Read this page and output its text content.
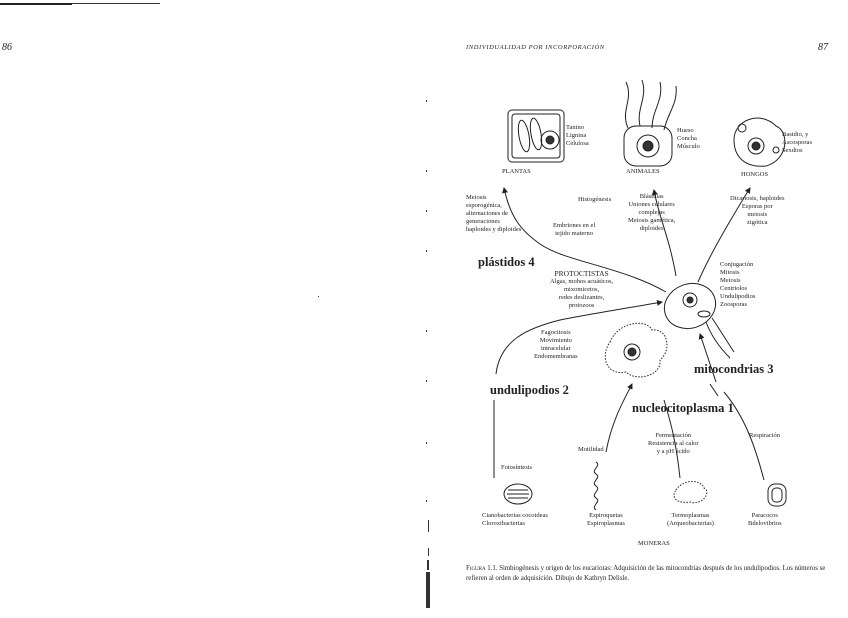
86	INDIVIDUALIDAD POR INCORPORACIÓN	87
PLANTAS	ANIMALES	HONGOS
MONERAS
Tanino
Lignina
Celulosa
Hueso
Concha
Músculo
Basidio, y
Ascosporas
Sexdios
Meiosis
esporogénica,
alternaciones de
generaciones
haploides y diploides
Histogénesis	Blástulas
Uniones celulares
complejas
Meiosis gamética,
diploides
Embriones en el
tejido materno
Dicariosis, haploides
Esporas por
meiosis
zigótica
Conjugación
Mitosis
Meiosis
Centriolos
Undulipodios
Zoosporas
PROTOCTISTAS
Algas, mohos acuáticos,
mixomicetos,
redes deslizantes,
protozoos
Fagocitosis
Movimiento
intracelular
Endomembranas
plástidos 4
mitocondrias 3
undulipodios 2
nucleocitoplasma 1
Fermentación
Resistencia al calor
y a pH ácido
Motilidad
Respiración
Fotosíntesis
Cianobacterias cocoideas
Cloroxibacterias
Espiroquetas
Espiroplasmas
Termoplasmas
(Arqueobacterias)
Paracocos
Bdelovibrios
Figura 1.1. Simbiogénesis y origen de los eucariotas: Adquisición de las mitocondrias después de los undulipodios. Los números se refieren al orden de adquisición. Dibujo de Kathryn Delisle.
